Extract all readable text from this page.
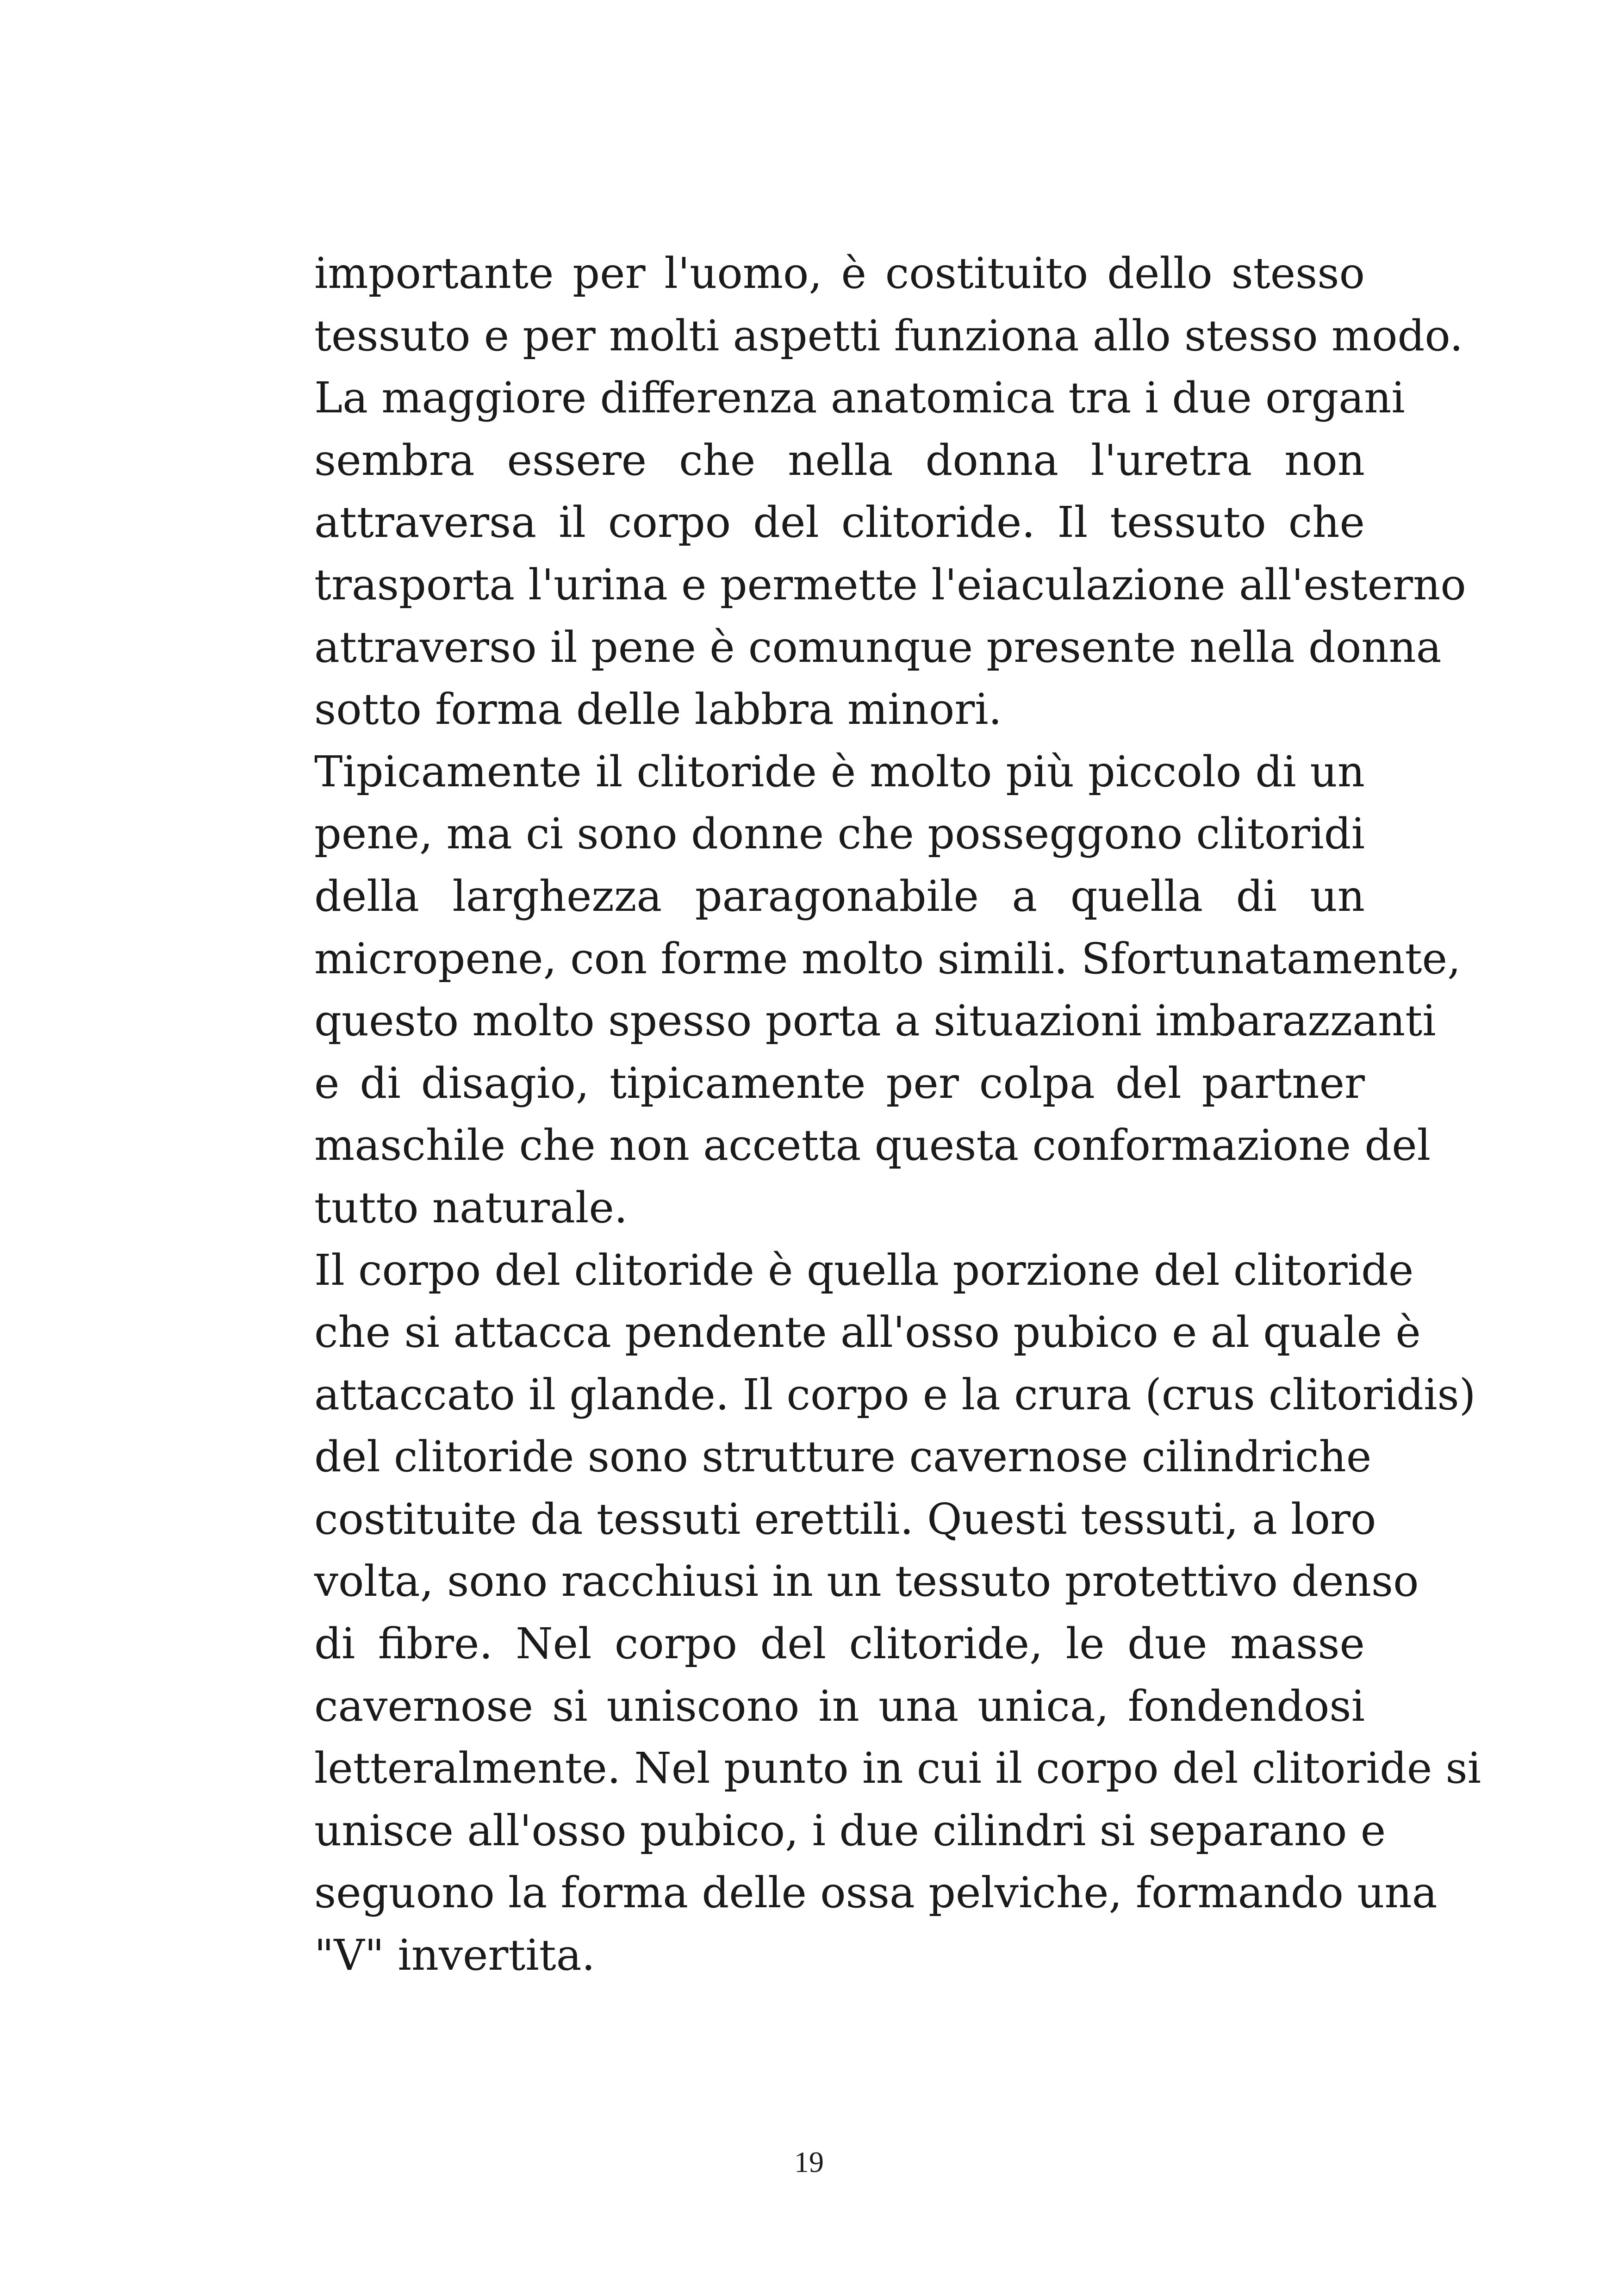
importante per l'uomo, è costituito dello stesso
tessuto e per molti aspetti funziona allo stesso modo.
La maggiore differenza anatomica tra i due organi
sembra essere che nella donna l'uretra non
attraversa il corpo del clitoride. Il tessuto che
trasporta l'urina e permette l'eiaculazione all'esterno
attraverso il pene è comunque presente nella donna
sotto forma delle labbra minori.
Tipicamente il clitoride è molto più piccolo di un
pene, ma ci sono donne che posseggono clitoridi
della larghezza paragonabile a quella di un
micropene, con forme molto simili. Sfortunatamente,
questo molto spesso porta a situazioni imbarazzanti
e di disagio, tipicamente per colpa del partner
maschile che non accetta questa conformazione del
tutto naturale.
Il corpo del clitoride è quella porzione del clitoride
che si attacca pendente all'osso pubico e al quale è
attaccato il glande. Il corpo e la crura (crus clitoridis)
del clitoride sono strutture cavernose cilindriche
costituite da tessuti erettili. Questi tessuti, a loro
volta, sono racchiusi in un tessuto protettivo denso
di fibre. Nel corpo del clitoride, le due masse
cavernose si uniscono in una unica, fondendosi
letteralmente. Nel punto in cui il corpo del clitoride si
unisce all'osso pubico, i due cilindri si separano e
seguono la forma delle ossa pelviche, formando una
"V" invertita.
19
